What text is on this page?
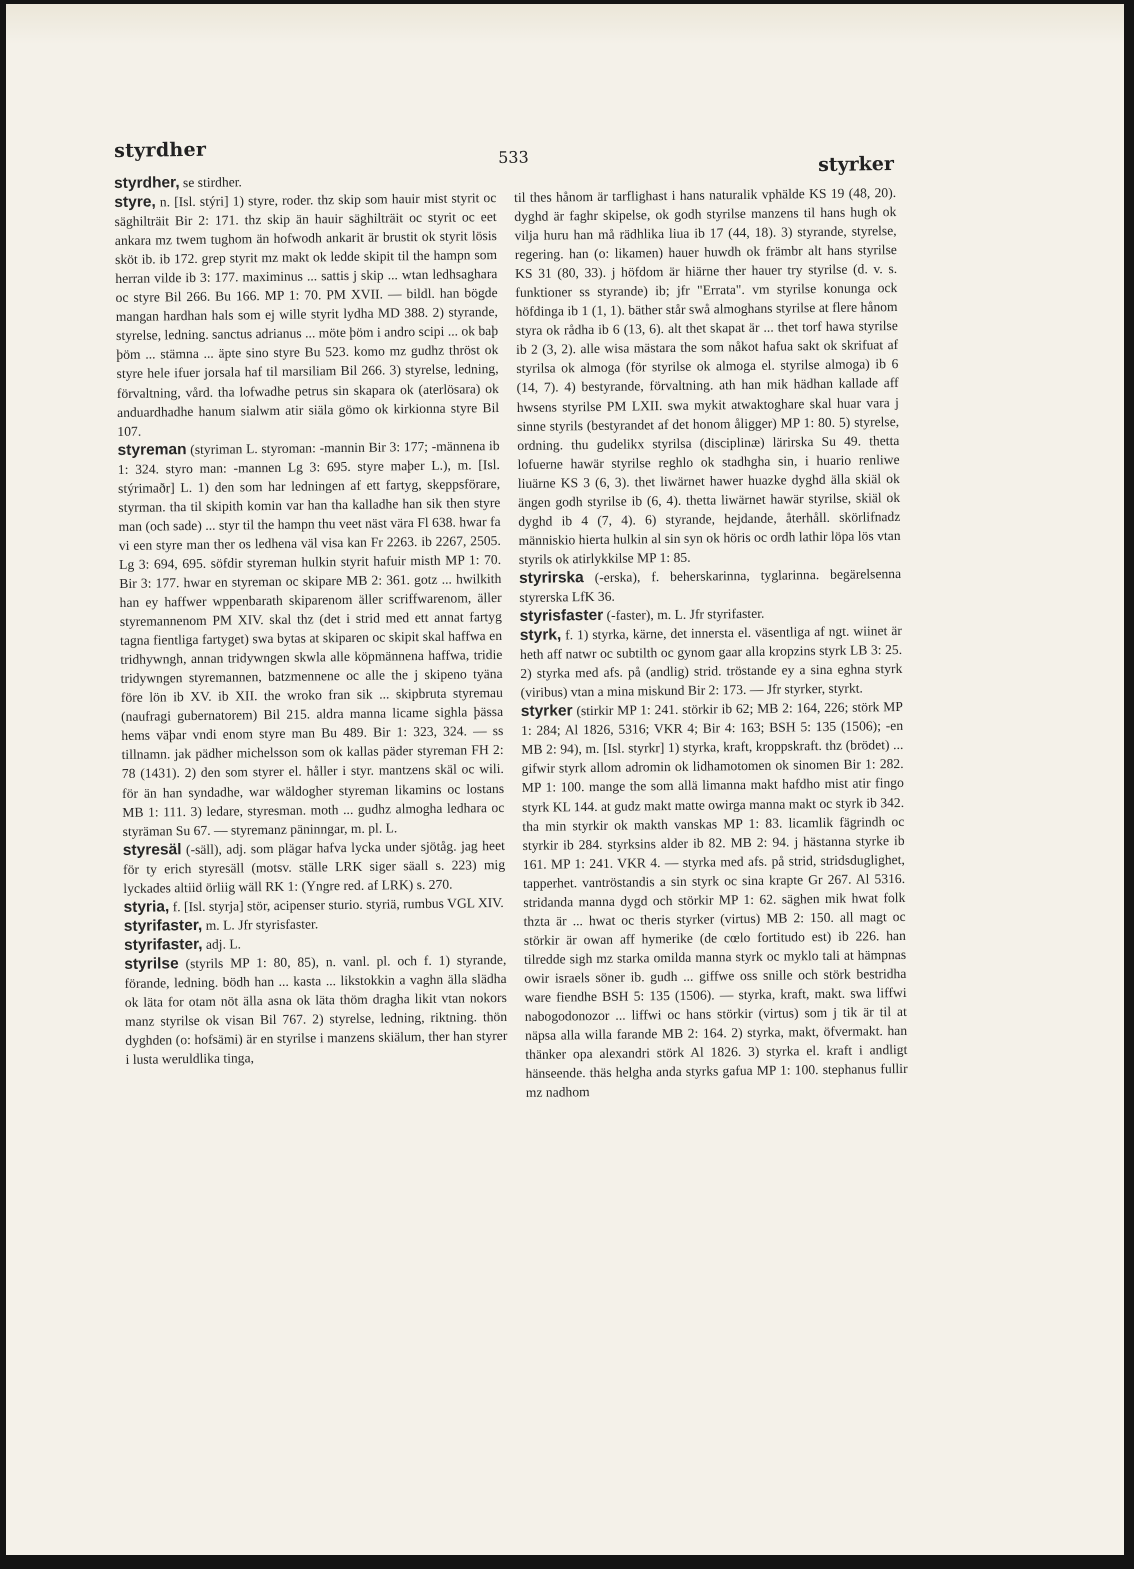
styrdher	533	styrker

styrdher, se stirdher.

styre, n. [Isl. stýri] 1) styre, roder. thz skip som hauir mist styrit oc säghilträit Bir 2: 171. thz skip än hauir säghilträit oc styrit oc eet ankara mz twem tughom än hofwodh ankarit är brustit ok styrit lösis sköt ib. ib 172. grep styrit mz makt ok ledde skipit til the hampn som herran vilde ib 3: 177. maximinus ... sattis j skip ... wtan ledhsaghara oc styre Bil 266. Bu 166. MP 1: 70. PM XVII. — bildl. han bögde mangan hardhan hals som ej wille styrit lydha MD 388. 2) styrande, styrelse, ledning. sanctus adrianus ... möte þöm i andro scipi ... ok baþ þöm ... stämna ... äpte sino styre Bu 523. komo mz gudhz thröst ok styre hele ifuer jorsala haf til marsiliam Bil 266. 3) styrelse, ledning, förvaltning, vård. tha lofwadhe petrus sin skapara ok (aterlösara) ok anduardhadhe hanum sialwm atir siäla gömo ok kirkionna styre Bil 107.

styreman (styriman L. styroman: -mannin Bir 3: 177; -männena ib 1: 324. styro man: -mannen Lg 3: 695. styre maþer L.), m. [Isl. stýrimaðr] L. 1) den som har ledningen af ett fartyg, skeppsförare, styrman. tha til skipith komin var han tha kalladhe han sik then styre man (och sade) ... styr til the hampn thu veet näst vära Fl 638. hwar fa vi een styre man ther os ledhena väl visa kan Fr 2263. ib 2267, 2505. Lg 3: 694, 695. söfdir styreman hulkin styrit hafuir misth MP 1: 70. Bir 3: 177. hwar en styreman oc skipare MB 2: 361. gotz ... hwilkith han ey haffwer wppenbarath skiparenom äller scriffwarenom, äller styremannenom PM XIV. skal thz (det i strid med ett annat fartyg tagna fientliga fartyget) swa bytas at skiparen oc skipit skal haffwa en tridhywngh, annan tridywngen skwla alle köpmännena haffwa, tridie tridywngen styremannen, batzmennene oc alle the j skipeno tyäna före lön ib XV. ib XII. the wroko fran sik ... skipbruta styremau (naufragi gubernatorem) Bil 215. aldra manna licame sighla þässa hems väþar vndi enom styre man Bu 489. Bir 1: 323, 324. — ss tillnamn. jak pädher michelsson som ok kallas päder styreman FH 2: 78 (1431). 2) den som styrer el. håller i styr. mantzens skäl oc wili. för än han syndadhe, war wäldogher styreman likamins oc lostans MB 1: 111. 3) ledare, styresman. moth ... gudhz almogha ledhara oc styräman Su 67. — styremanz päninngar, m. pl. L.

styresäl (-säll), adj. som plägar hafva lycka under sjötåg. jag heet för ty erich styresäll (motsv. ställe LRK siger säall s. 223) mig lyckades altiid örliig wäll RK 1: (Yngre red. af LRK) s. 270.

styria, f. [Isl. styrja] stör, acipenser sturio. styriä, rumbus VGL XIV.

styrifaster, m. L. Jfr styrisfaster.

styrifaster, adj. L.

styrilse (styrils MP 1: 80, 85), n. vanl. pl. och f. 1) styrande, förande, ledning. bödh han ... kasta ... likstokkin a vaghn älla slädha ok läta for otam nöt älla asna ok läta thöm dragha likit vtan nokors manz styrilse ok visan Bil 767. 2) styrelse, ledning, riktning. thön dyghden (o: hofsämi) är en styrilse i manzens skiälum, ther han styrer i lusta weruldlika tinga,

til thes hånom är tarflighast i hans naturalik vphälde KS 19 (48, 20). dyghd är faghr skipelse, ok godh styrilse manzens til hans hugh ok vilja huru han må rädhlika liua ib 17 (44, 18). 3) styrande, styrelse, regering. han (o: likamen) hauer huwdh ok främbr alt hans styrilse KS 31 (80, 33). j höfdom är hiärne ther hauer try styrilse (d. v. s. funktioner ss styrande) ib; jfr "Errata". vm styrilse konunga ock höfdinga ib 1 (1, 1). bäther står swå almoghans styrilse at flere hånom styra ok rådha ib 6 (13, 6). alt thet skapat är ... thet torf hawa styrilse ib 2 (3, 2). alle wisa mästara the som nåkot hafua sakt ok skrifuat af styrilsa ok almoga (för styrilse ok almoga el. styrilse almoga) ib 6 (14, 7). 4) bestyrande, förvaltning. ath han mik hädhan kallade aff hwsens styrilse PM LXII. swa mykit atwaktoghare skal huar vara j sinne styrils (bestyrandet af det honom åligger) MP 1: 80. 5) styrelse, ordning. thu gudelikx styrilsa (disciplinæ) lärirska Su 49. thetta lofuerne hawär styrilse reghlo ok stadhgha sin, i huario renliwe liuärne KS 3 (6, 3). thet liwärnet hawer huazke dyghd älla skiäl ok ängen godh styrilse ib (6, 4). thetta liwärnet hawär styrilse, skiäl ok dyghd ib 4 (7, 4). 6) styrande, hejdande, återhåll. skörlifnadz människio hierta hulkin al sin syn ok höris oc ordh lathir löpa lös vtan styrils ok atirlykkilse MP 1: 85.

styrirska (-erska), f. beherskarinna, tyglarinna. begärelsenna styrerska LfK 36.

styrisfaster (-faster), m. L. Jfr styrifaster.

styrk, f. 1) styrka, kärne, det innersta el. väsentliga af ngt. wiinet är heth aff natwr oc subtilth oc gynom gaar alla kropzins styrk LB 3: 25. 2) styrka med afs. på (andlig) strid. tröstande ey a sina eghna styrk (viribus) vtan a mina miskund Bir 2: 173. — Jfr styrker, styrkt.

styrker (stirkir MP 1: 241. störkir ib 62; MB 2: 164, 226; störk MP 1: 284; Al 1826, 5316; VKR 4; Bir 4: 163; BSH 5: 135 (1506); -en MB 2: 94), m. [Isl. styrkr] 1) styrka, kraft, kroppskraft. thz (brödet) ... gifwir styrk allom adromin ok lidhamotomen ok sinomen Bir 1: 282. MP 1: 100. mange the som allä limanna makt hafdho mist atir fingo styrk KL 144. at gudz makt matte owirga manna makt oc styrk ib 342. tha min styrkir ok makth vanskas MP 1: 83. licamlik fägrindh oc styrkir ib 284. styrksins alder ib 82. MB 2: 94. j hästanna styrke ib 161. MP 1: 241. VKR 4. — styrka med afs. på strid, stridsduglighet, tapperhet. vantröstandis a sin styrk oc sina krapte Gr 267. Al 5316. stridanda manna dygd och störkir MP 1: 62. säghen mik hwat folk thzta är ... hwat oc theris styrker (virtus) MB 2: 150. all magt oc störkir är owan aff hymerike (de cœlo fortitudo est) ib 226. han tilredde sigh mz starka omilda manna styrk oc myklo tali at hämpnas owir israels söner ib. gudh ... giffwe oss snille och störk bestridha ware fiendhe BSH 5: 135 (1506). — styrka, kraft, makt. swa liffwi nabogodonozor ... liffwi oc hans störkir (virtus) som j tik är til at näpsa alla willa farande MB 2: 164. 2) styrka, makt, öfvermakt. han thänker opa alexandri störk Al 1826. 3) styrka el. kraft i andligt hänseende. thäs helgha anda styrks gafua MP 1: 100. stephanus fullir mz nadhom
